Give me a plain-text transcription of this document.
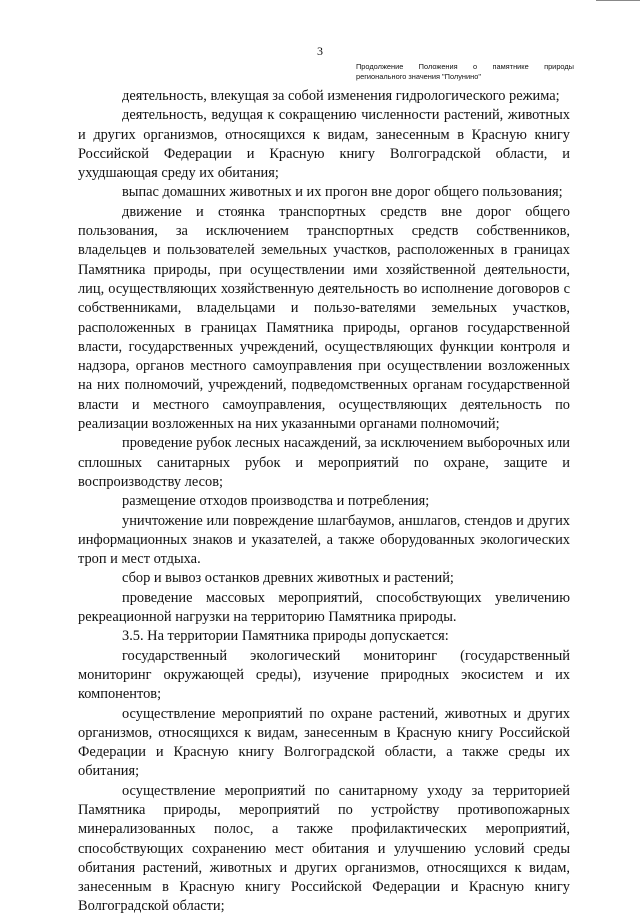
3
Продолжение Положения о памятнике природы
регионального значения "Полунино"

деятельность, влекущая за собой изменения гидрологического режима;

деятельность, ведущая к сокращению численности растений, животных и других организмов, относящихся к видам, занесенным в Красную книгу Российской Федерации и Красную книгу Волгоградской области, и ухудшающая среду их обитания;

выпас домашних животных и их прогон вне дорог общего пользования;

движение и стоянка транспортных средств вне дорог общего пользования, за исключением транспортных средств собственников, владельцев и пользователей земельных участков, расположенных в границах Памятника природы, при осуществлении ими хозяйственной деятельности, лиц, осуществляющих хозяйственную деятельность во исполнение договоров с собственниками, владельцами и пользо-вателями земельных участков, расположенных в границах Памятника природы, органов государственной власти, государственных учреждений, осуществляющих функции контроля и надзора, органов местного самоуправления при осуществлении возложенных на них полномочий, учреждений, подведомственных органам государственной власти и местного самоуправления, осуществляющих деятельность по реализации возложенных на них указанными органами полномочий;

проведение рубок лесных насаждений, за исключением выборочных или сплошных санитарных рубок и мероприятий по охране, защите и воспроизводству лесов;

размещение отходов производства и потребления;

уничтожение или повреждение шлагбаумов, аншлагов, стендов и других информационных знаков и указателей, а также оборудованных экологических троп и мест отдыха.

сбор и вывоз останков древних животных и растений;

проведение массовых мероприятий, способствующих увеличению рекреационной нагрузки на территорию Памятника природы.

3.5. На территории Памятника природы допускается:

государственный экологический мониторинг (государственный мониторинг окружающей среды), изучение природных экосистем и их компонентов;

осуществление мероприятий по охране растений, животных и других организмов, относящихся к видам, занесенным в Красную книгу Российской Федерации и Красную книгу Волгоградской области, а также среды их обитания;

осуществление мероприятий по санитарному уходу за территорией Памятника природы, мероприятий по устройству противопожарных минерализованных полос, а также профилактических мероприятий, способствующих сохранению мест обитания и улучшению условий среды обитания растений, животных и других организмов, относящихся к видам, занесенным в Красную книгу Российской Федерации и Красную книгу Волгоградской области;
